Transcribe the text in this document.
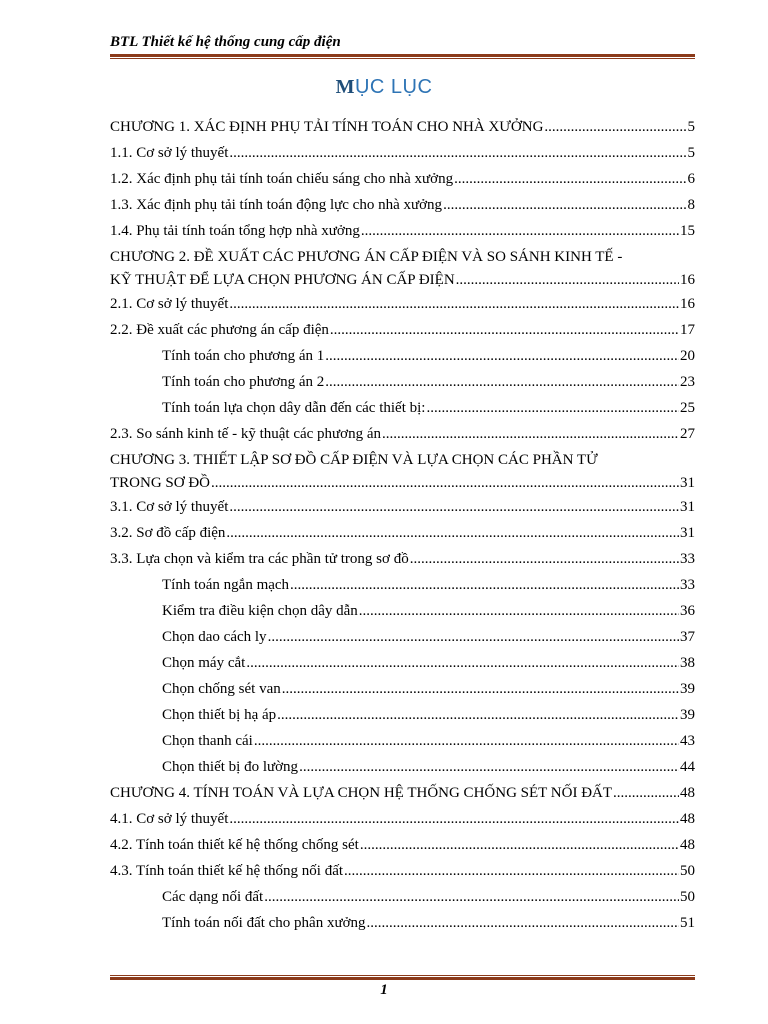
BTL Thiết kế hệ thống cung cấp điện
MỤC LỤC
CHƯƠNG 1. XÁC ĐỊNH PHỤ TẢI TÍNH TOÁN CHO NHÀ XƯỞNG .....	5
1.1. Cơ sở lý thuyết .....	5
1.2. Xác định phụ tải tính toán chiếu sáng cho nhà xưởng .....	6
1.3. Xác định phụ tải tính toán động lực cho nhà xưởng .....	8
1.4. Phụ tải tính toán tổng hợp nhà xưởng .....	15
CHƯƠNG 2. ĐỀ XUẤT CÁC PHƯƠNG ÁN CẤP ĐIỆN VÀ SO SÁNH KINH TẾ -
KỸ THUẬT ĐỂ LỰA CHỌN PHƯƠNG ÁN CẤP ĐIỆN .....	16
2.1. Cơ sở lý thuyết .....	16
2.2. Đề xuất các phương án cấp điện .....	17
Tính toán cho phương án 1 .....	20
Tính toán cho phương án 2 .....	23
Tính toán lựa chọn dây dẫn đến các thiết bị: .....	25
2.3. So sánh kinh tế - kỹ thuật các phương án .....	27
CHƯƠNG 3. THIẾT LẬP SƠ ĐỒ CẤP ĐIỆN VÀ LỰA CHỌN CÁC PHẦN TỬ
TRONG SƠ ĐỒ .....	31
3.1. Cơ sở lý thuyết .....	31
3.2. Sơ đồ cấp điện .....	31
3.3. Lựa chọn và kiểm tra các phần tử trong sơ đồ .....	33
Tính toán ngắn mạch .....	33
Kiểm tra điều kiện chọn dây dẫn .....	36
Chọn dao cách ly .....	37
Chọn máy cắt .....	38
Chọn chống sét van .....	39
Chọn thiết bị hạ áp .....	39
Chọn thanh cái .....	43
Chọn thiết bị đo lường .....	44
CHƯƠNG 4. TÍNH TOÁN VÀ LỰA CHỌN HỆ THỐNG CHỐNG SÉT NỐI ĐẤT .....	48
4.1. Cơ sở lý thuyết .....	48
4.2. Tính toán thiết kế hệ thống chống sét .....	48
4.3. Tính toán thiết kế hệ thống nối đất .....	50
Các dạng nối đất .....	50
Tính toán nối đất cho phân xưởng .....	51
1
